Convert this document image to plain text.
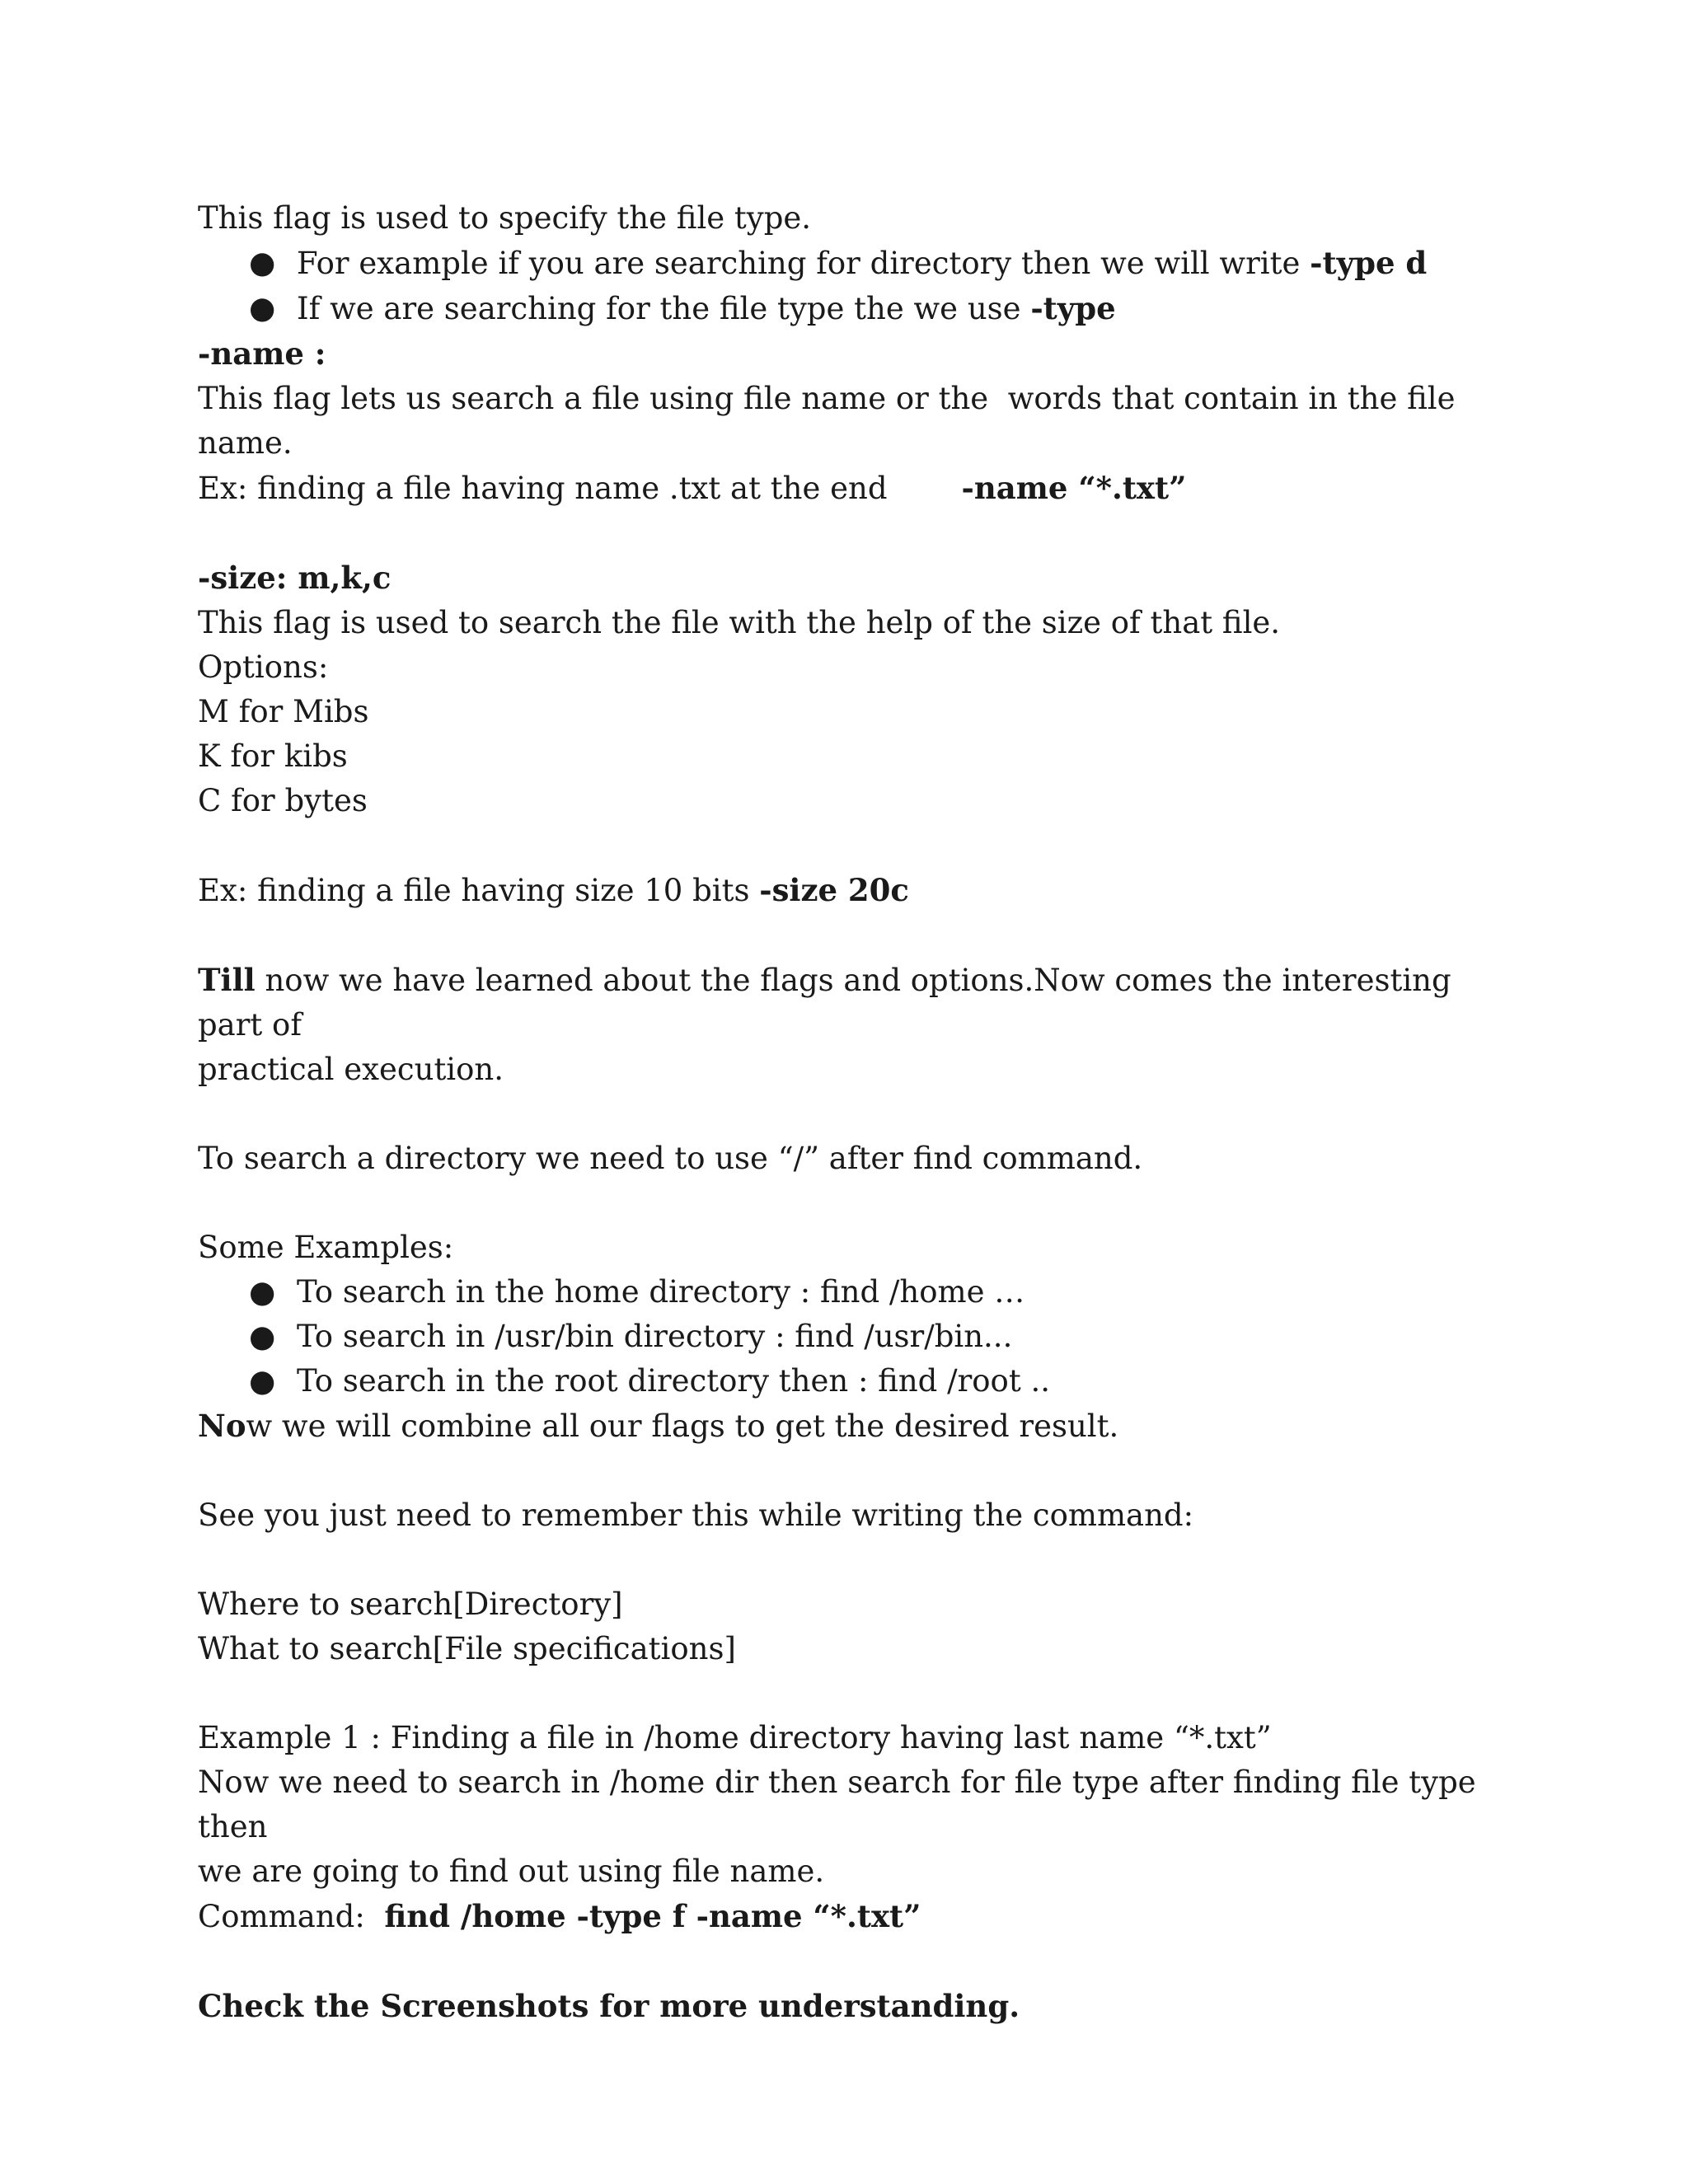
This flag is used to specify the file type.

● For example if you are searching for directory then we will write -type d
● If we are searching for the file type the we use -type

-name :

This flag lets us search a file using file name or the  words that contain in the file name.

Ex: finding a file having name .txt at the end -name “*.txt”

-size: m,k,c

This flag is used to search the file with the help of the size of that file.

Options:

M for Mibs

K for kibs

C for bytes

Ex: finding a file having size 10 bits -size 20c

Till now we have learned about the flags and options.Now comes the interesting part of

practical execution.

To search a directory we need to use “/” after find command.

Some Examples:

● To search in the home directory : find /home …
● To search in /usr/bin directory : find /usr/bin...
● To search in the root directory then : find /root ..

Now we will combine all our flags to get the desired result.

See you just need to remember this while writing the command:

Where to search[Directory]

What to search[File specifications]

Example 1 : Finding a file in /home directory having last name “*.txt”

Now we need to search in /home dir then search for file type after finding file type then

we are going to find out using file name.

Command:  find /home -type f -name “*.txt”

Check the Screenshots for more understanding.
